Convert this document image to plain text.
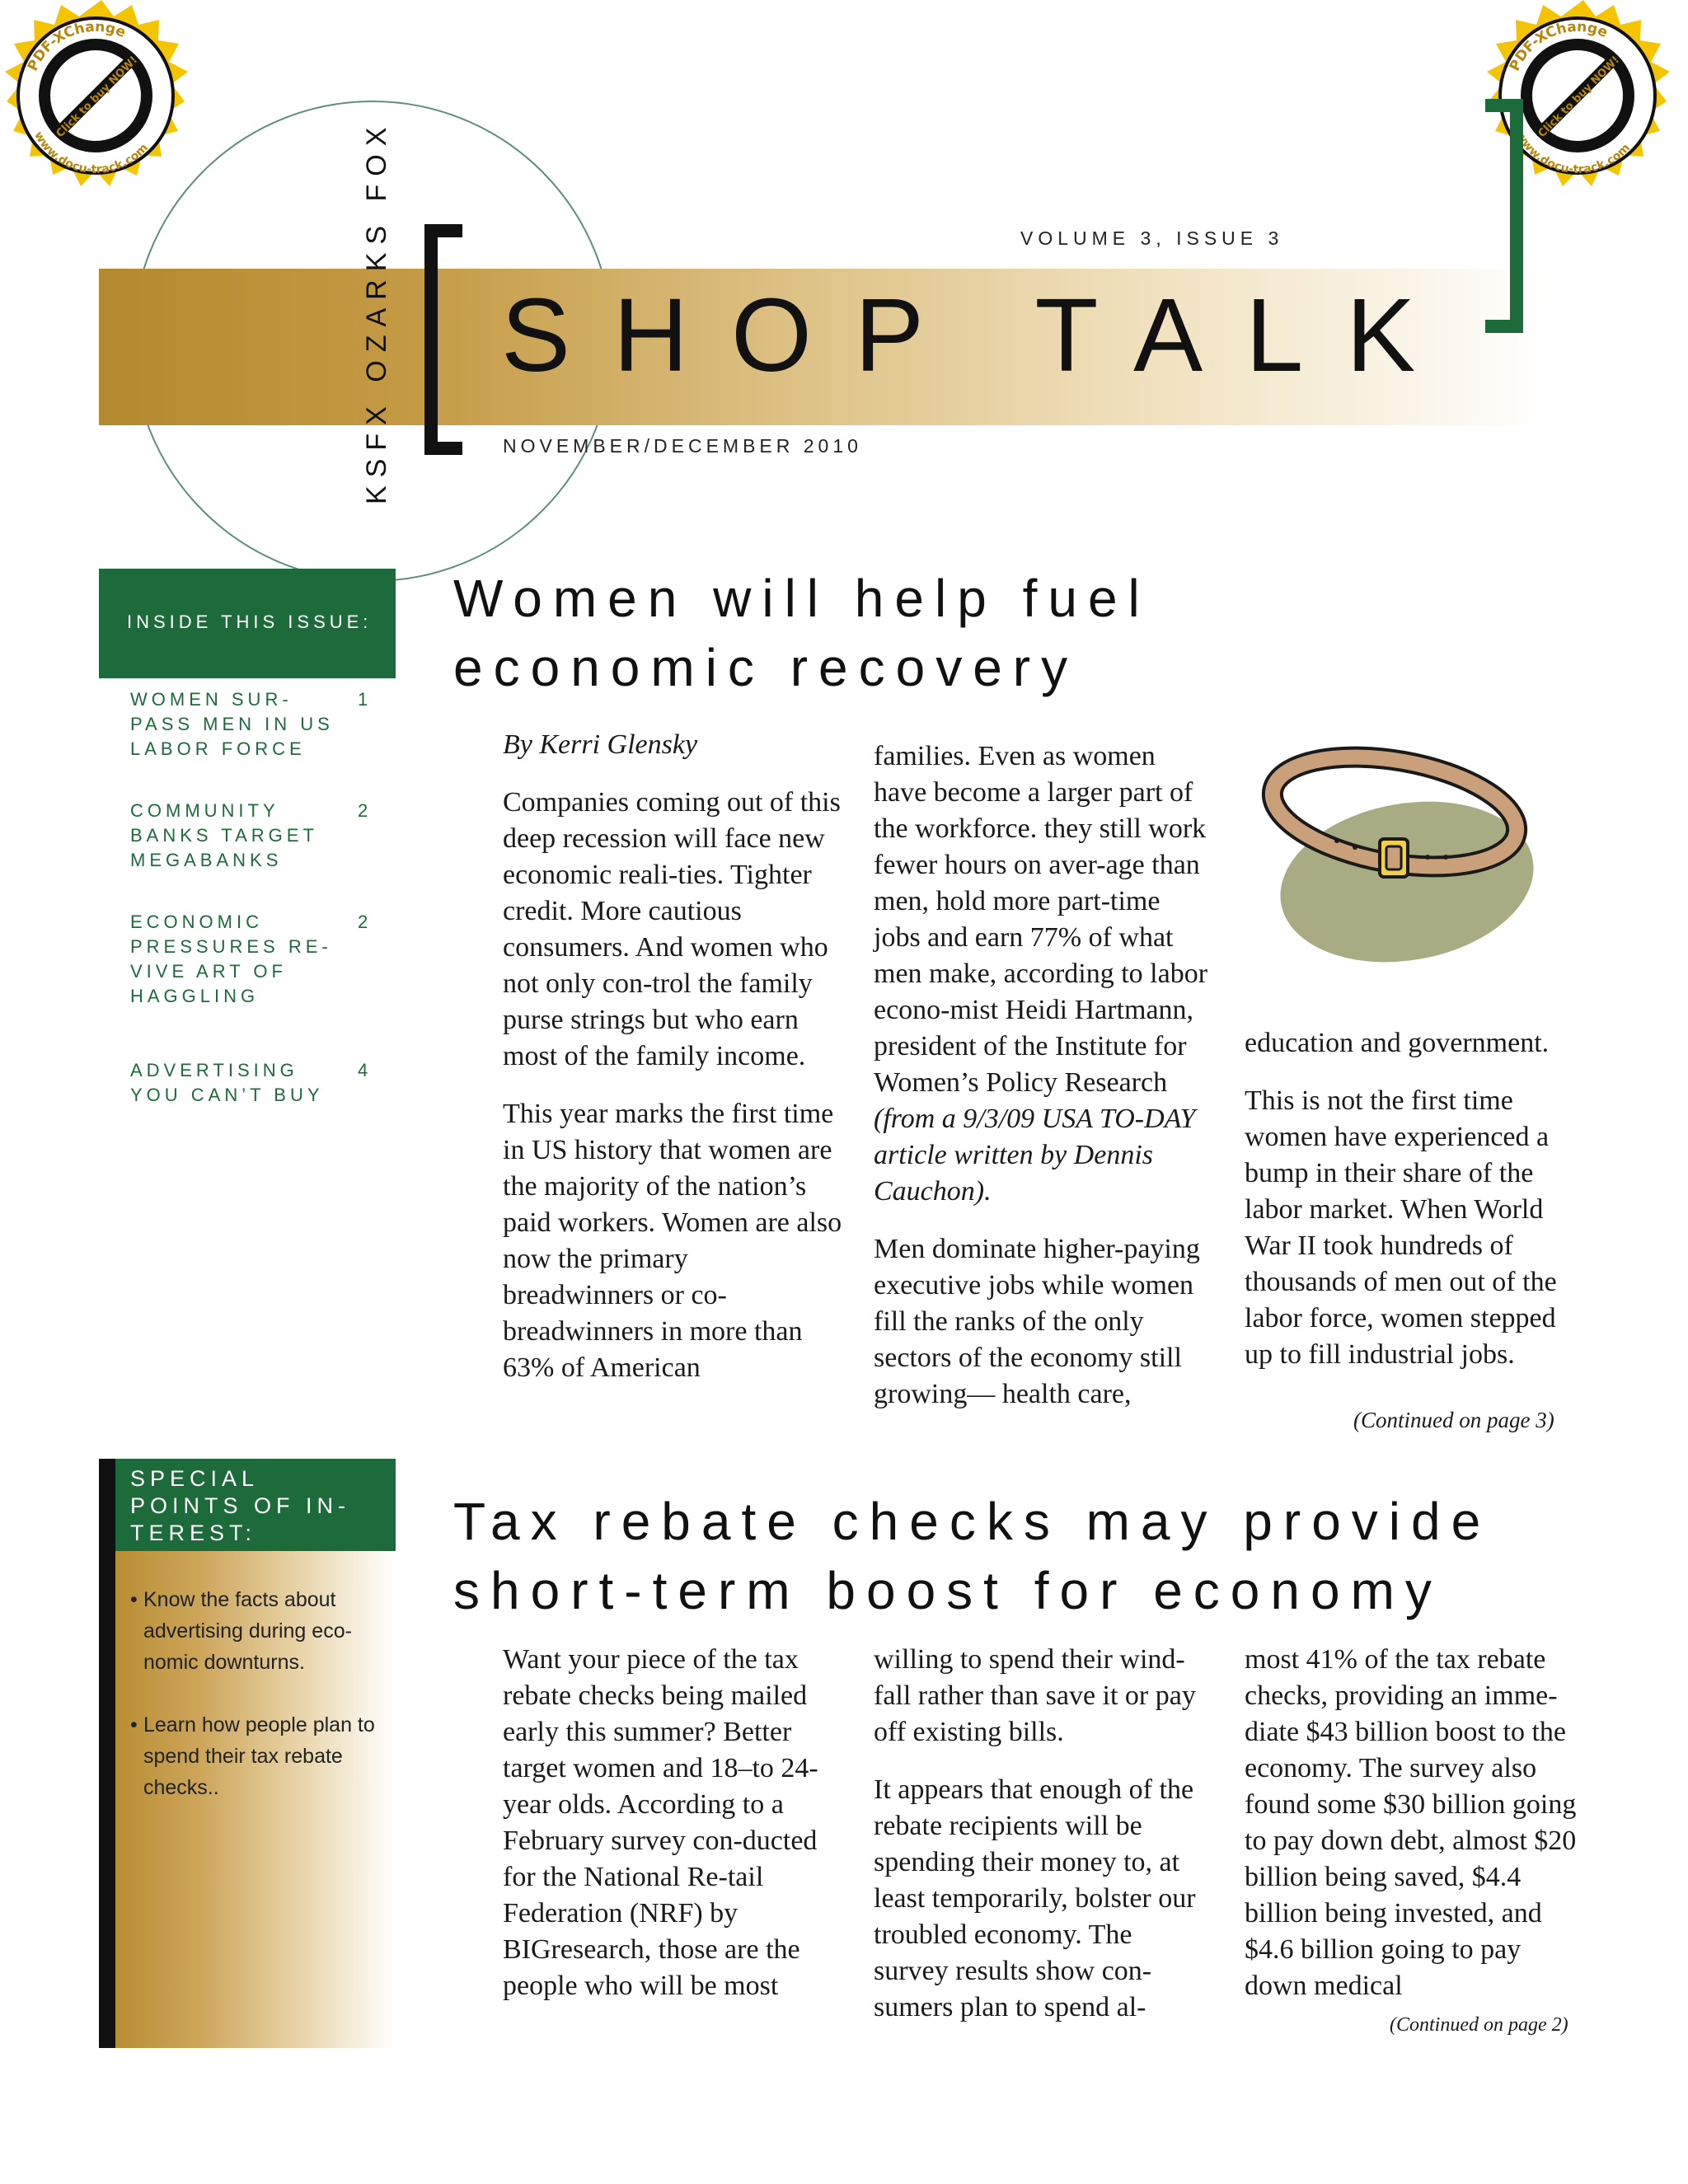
PDF-XChange
www.docu-track.com
Click to buy NOW!	PDF-XChange
www.docu-track.com
Click to buy NOW!
KSFX OZARKS FOX	VOLUME 3, ISSUE 3
SHOP TALK
NOVEMBER/DECEMBER 2010
INSIDE THIS ISSUE:
WOMEN SUR-PASS MEN IN US LABOR FORCE
1
COMMUNITY BANKS TARGET MEGABANKS
2
ECONOMIC PRESSURES RE-VIVE ART OF HAGGLING
2
ADVERTISING YOU CAN’T BUY
4
SPECIAL POINTS OF IN-TEREST:
• Know the facts about advertising during eco-nomic downturns.
• Learn how people plan to spend their tax rebate checks..
Women will help fuel
economic recovery

By Kerri Glensky

Companies coming out of this deep recession will face new economic reali-ties. Tighter credit. More cautious consumers. And women who not only con-trol the family purse strings but who earn most of the family income.

This year marks the first time in US history that women are the majority of the nation’s paid workers. Women are also now the primary breadwinners or co-breadwinners in more than 63% of American

families. Even as women have become a larger part of the workforce. they still work fewer hours on aver-age than men, hold more part-time jobs and earn 77% of what men make, according to labor econo-mist Heidi Hartmann, president of the Institute for Women’s Policy Research (from a 9/3/09 USA TO-DAY article written by Dennis Cauchon).

Men dominate higher-paying executive jobs while women fill the ranks of the only sectors of the economy still growing— health care,

education and government.

This is not the first time women have experienced a bump in their share of the labor market. When World War II took hundreds of thousands of men out of the labor force, women stepped up to fill industrial jobs.

(Continued on page 3)
Tax rebate checks may provide
short-term boost for economy

Want your piece of the tax rebate checks being mailed early this summer? Better target women and 18–to 24-year olds. According to a February survey con-ducted for the National Re-tail Federation (NRF) by BIGresearch, those are the people who will be most

willing to spend their wind-fall rather than save it or pay off existing bills.

It appears that enough of the rebate recipients will be spending their money to, at least temporarily, bolster our troubled economy. The survey results show con-sumers plan to spend al-

most 41% of the tax rebate checks, providing an imme-diate $43 billion boost to the economy. The survey also found some $30 billion going to pay down debt, almost $20 billion being saved, $4.4 billion being invested, and $4.6 billion going to pay down medical

(Continued on page 2)
